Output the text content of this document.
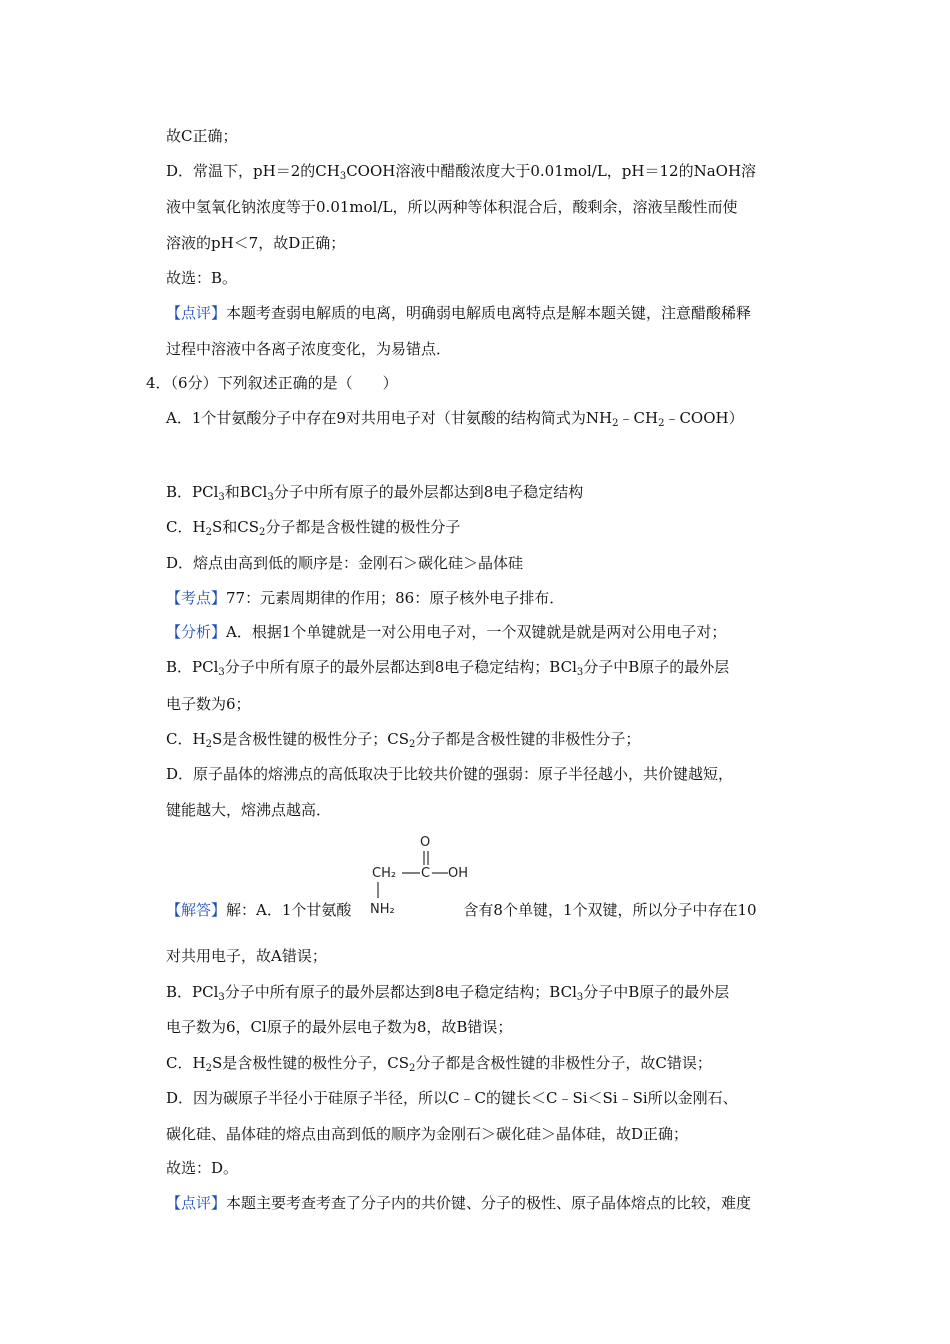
故C正确；
D．常温下，pH＝2的$CH_3COOH$溶液中醋酸浓度大于0.01mol/L，pH＝12的NaOH溶
液中氢氧化钠浓度等于0.01mol/L，所以两种等体积混合后，酸剩余，溶液呈酸性而使
溶液的pH＜7，故D正确；
故选：B。
【点评】本题考查弱电解质的电离，明确弱电解质电离特点是解本题关键，注意醋酸稀释
过程中溶液中各离子浓度变化，为易错点．
4．（6分）下列叙述正确的是（　　）
A．1个甘氨酸分子中存在9对共用电子对（甘氨酸的结构简式为$NH_2﹣CH_2﹣COOH$）
B．PCl$_3$和BCl$_3$分子中所有原子的最外层都达到8电子稳定结构
C．$H_2S$和$CS_2$分子都是含极性键的极性分子
D．熔点由高到低的顺序是：金刚石＞碳化硅＞晶体硅
【考点】77：元素周期律的作用；86：原子核外电子排布．
【分析】A．根据1个单键就是一对公用电子对，一个双键就是就是两对公用电子对；
B．PCl$_3$分子中所有原子的最外层都达到8电子稳定结构；BCl$_3$分子中B原子的最外层
电子数为6；
C．$H_2S$是含极性键的极性分子；$CS_2$分子都是含极性键的非极性分子；
D．原子晶体的熔沸点的高低取决于比较共价键的强弱：原子半径越小，共价键越短，
键能越大，熔沸点越高．
【解答】解：A．1个甘氨酸	含有8个单键，1个双键，所以分子中存在10
O
CH₂ C OH
NH₂
对共用电子，故A错误；
B．PCl$_3$分子中所有原子的最外层都达到8电子稳定结构；BCl$_3$分子中B原子的最外层
电子数为6，Cl原子的最外层电子数为8，故B错误；
C．$H_2S$是含极性键的极性分子，$CS_2$分子都是含极性键的非极性分子，故C错误；
D．因为碳原子半径小于硅原子半径，所以C﹣C的键长＜C﹣Si＜Si﹣Si所以金刚石、
碳化硅、晶体硅的熔点由高到低的顺序为金刚石＞碳化硅＞晶体硅，故D正确；
故选：D。
【点评】本题主要考查考查了分子内的共价键、分子的极性、原子晶体熔点的比较，难度
